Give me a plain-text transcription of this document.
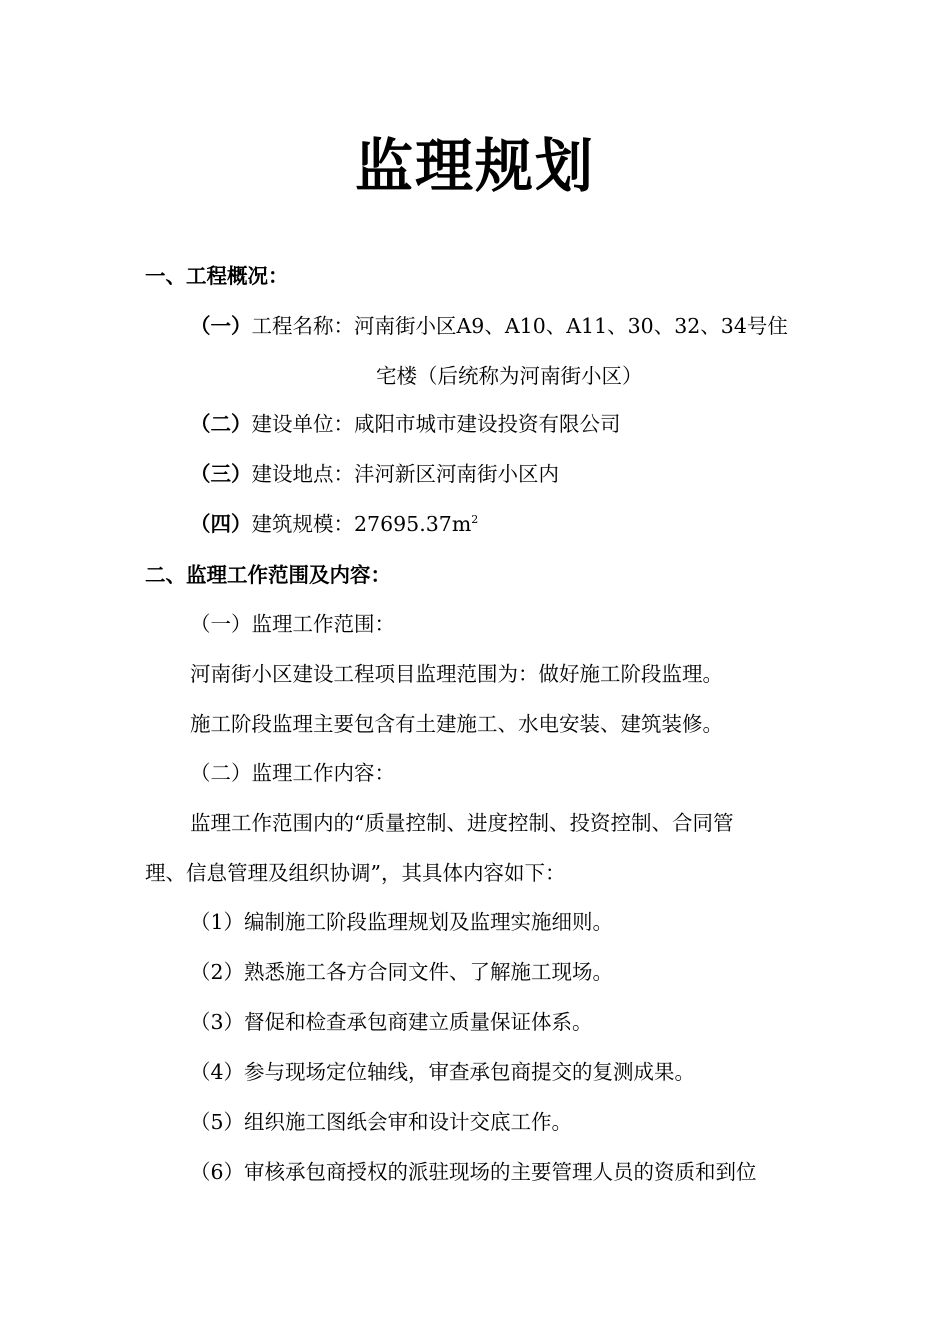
监理规划
一、工程概况：
（一）工程名称：河南街小区A9、A10、A11、30、32、34号住
宅楼（后统称为河南街小区）
（二）建设单位：咸阳市城市建设投资有限公司
（三）建设地点：沣河新区河南街小区内
（四）建筑规模：$27695.37m^2$
二、监理工作范围及内容：
（一）监理工作范围：
河南街小区建设工程项目监理范围为：做好施工阶段监理。
施工阶段监理主要包含有土建施工、水电安装、建筑装修。
（二）监理工作内容：
监理工作范围内的“质量控制、进度控制、投资控制、合同管
理、信息管理及组织协调”，其具体内容如下：
（1）编制施工阶段监理规划及监理实施细则。
（2）熟悉施工各方合同文件、了解施工现场。
（3）督促和检查承包商建立质量保证体系。
（4）参与现场定位轴线，审查承包商提交的复测成果。
（5）组织施工图纸会审和设计交底工作。
（6）审核承包商授权的派驻现场的主要管理人员的资质和到位
